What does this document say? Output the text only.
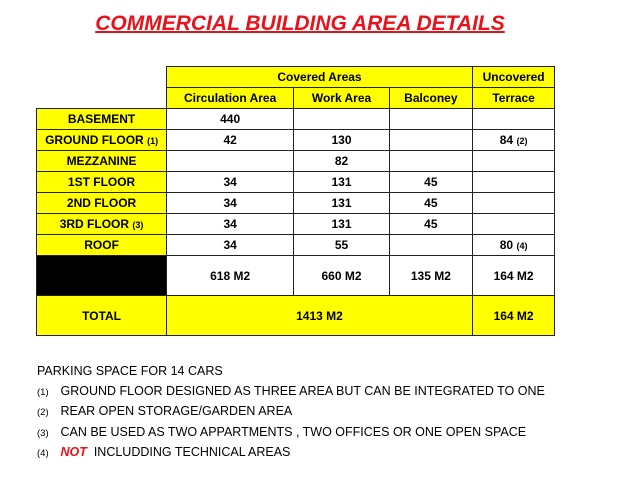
COMMERCIAL BUILDING AREA DETAILS
	Covered Areas			Uncovered
	Circulation Area	Work Area	Balconey	Terrace
BASEMENT	440			
GROUND FLOOR (1)	42	130		84 (2)
MEZZANINE		82		
1ST FLOOR	34	131	45	
2ND FLOOR	34	131	45	
3RD FLOOR (3)	34	131	45	
ROOF	34	55		80 (4)
	618 M2	660 M2	135 M2	164 M2
TOTAL	1413 M2			164 M2
PARKING SPACE FOR 14 CARS
(1) GROUND FLOOR DESIGNED AS THREE AREA BUT CAN BE INTEGRATED TO ONE
(2) REAR OPEN STORAGE/GARDEN AREA
(3) CAN BE USED AS TWO APPARTMENTS , TWO OFFICES OR ONE OPEN SPACE
(4) NOT INCLUDDING TECHNICAL AREAS
